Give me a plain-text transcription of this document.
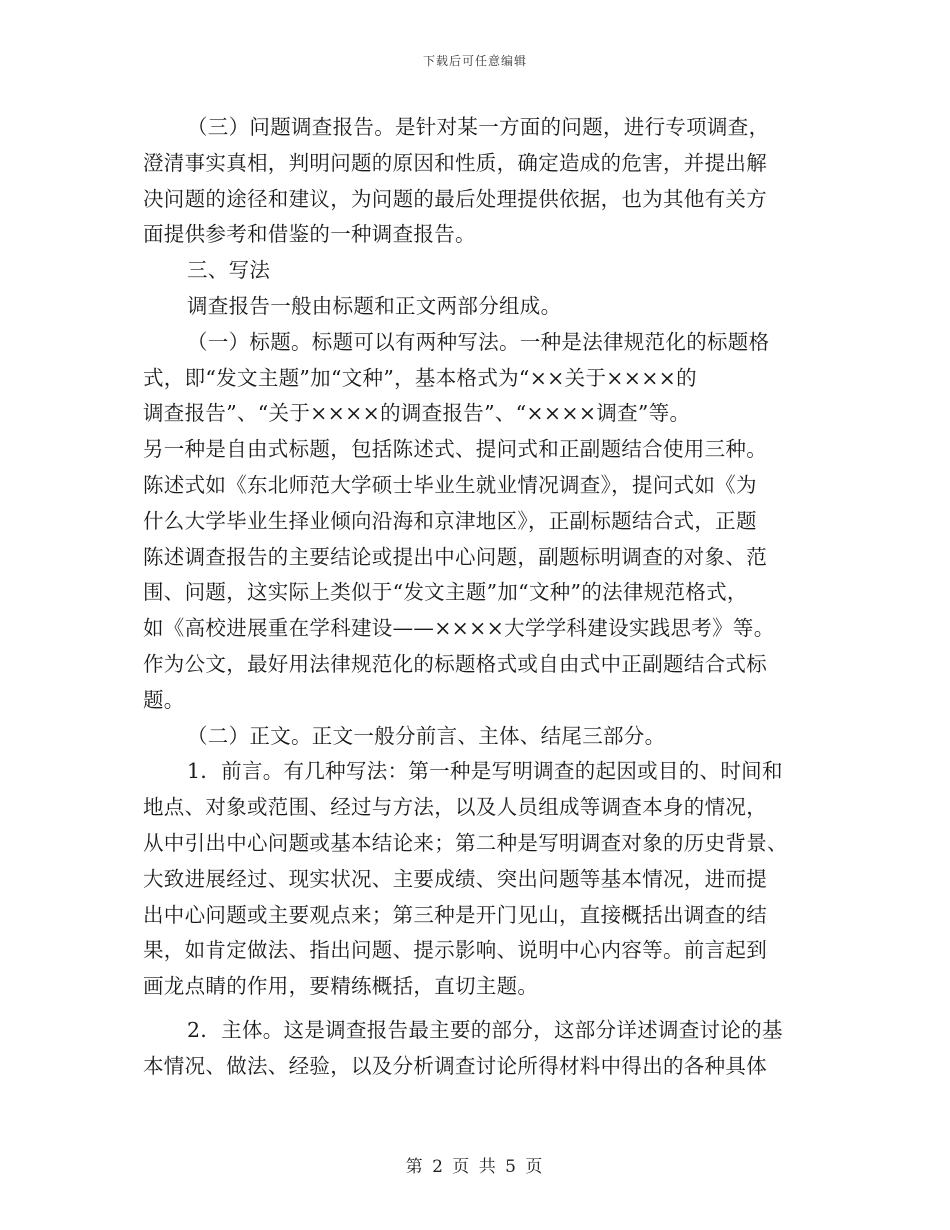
下载后可任意编辑
（三）问题调查报告。是针对某一方面的问题，进行专项调查，
澄清事实真相，判明问题的原因和性质，确定造成的危害，并提出解
决问题的途径和建议，为问题的最后处理提供依据，也为其他有关方
面提供参考和借鉴的一种调查报告。
三、写法
调查报告一般由标题和正文两部分组成。
（一）标题。标题可以有两种写法。一种是法律规范化的标题格
式，即“发文主题”加“文种”，基本格式为“××关于××××的
调查报告”、“关于××××的调查报告”、“××××调查”等。
另一种是自由式标题，包括陈述式、提问式和正副题结合使用三种。
陈述式如《东北师范大学硕士毕业生就业情况调查》，提问式如《为
什么大学毕业生择业倾向沿海和京津地区》，正副标题结合式，正题
陈述调查报告的主要结论或提出中心问题，副题标明调查的对象、范
围、问题，这实际上类似于“发文主题”加“文种”的法律规范格式，
如《高校进展重在学科建设——××××大学学科建设实践思考》等。
作为公文，最好用法律规范化的标题格式或自由式中正副题结合式标
题。
（二）正文。正文一般分前言、主体、结尾三部分。
1．前言。有几种写法：第一种是写明调查的起因或目的、时间和
地点、对象或范围、经过与方法，以及人员组成等调查本身的情况，
从中引出中心问题或基本结论来；第二种是写明调查对象的历史背景、
大致进展经过、现实状况、主要成绩、突出问题等基本情况，进而提
出中心问题或主要观点来；第三种是开门见山，直接概括出调查的结
果，如肯定做法、指出问题、提示影响、说明中心内容等。前言起到
画龙点睛的作用，要精练概括，直切主题。
2．主体。这是调查报告最主要的部分，这部分详述调查讨论的基
本情况、做法、经验，以及分析调查讨论所得材料中得出的各种具体
第 2 页 共 5 页
